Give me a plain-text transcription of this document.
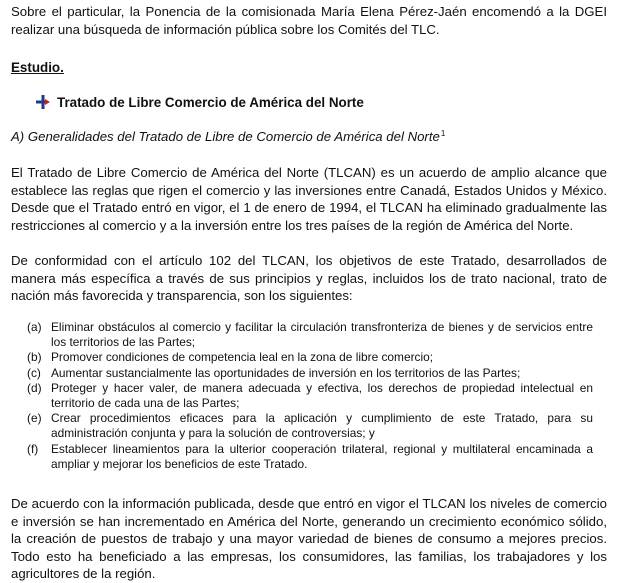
Sobre el particular, la Ponencia de la comisionada María Elena Pérez-Jaén encomendó a la DGEI realizar una búsqueda de información pública sobre los Comités del TLC.

Estudio.
Tratado de Libre Comercio de América del Norte
A) Generalidades del Tratado de Libre de Comercio de América del Norte$^1$

El Tratado de Libre Comercio de América del Norte (TLCAN) es un acuerdo de amplio alcance que establece las reglas que rigen el comercio y las inversiones entre Canadá, Estados Unidos y México. Desde que el Tratado entró en vigor, el 1 de enero de 1994, el TLCAN ha eliminado gradualmente las restricciones al comercio y a la inversión entre los tres países de la región de América del Norte.

De conformidad con el artículo 102 del TLCAN, los objetivos de este Tratado, desarrollados de manera más específica a través de sus principios y reglas, incluidos los de trato nacional, trato de nación más favorecida y transparencia, son los siguientes:

(a) Eliminar obstáculos al comercio y facilitar la circulación transfronteriza de bienes y de servicios entre los territorios de las Partes;
(b) Promover condiciones de competencia leal en la zona de libre comercio;
(c) Aumentar sustancialmente las oportunidades de inversión en los territorios de las Partes;
(d) Proteger y hacer valer, de manera adecuada y efectiva, los derechos de propiedad intelectual en territorio de cada una de las Partes;
(e) Crear procedimientos eficaces para la aplicación y cumplimiento de este Tratado, para su administración conjunta y para la solución de controversias; y
(f)	Establecer lineamientos para la ulterior cooperación trilateral, regional y multilateral encaminada a ampliar y mejorar los beneficios de este Tratado.

De acuerdo con la información publicada, desde que entró en vigor el TLCAN los niveles de comercio e inversión se han incrementado en América del Norte, generando un crecimiento económico sólido, la creación de puestos de trabajo y una mayor variedad de bienes de consumo a mejores precios. Todo esto ha beneficiado a las empresas, los consumidores, las familias, los trabajadores y los agricultores de la región.
